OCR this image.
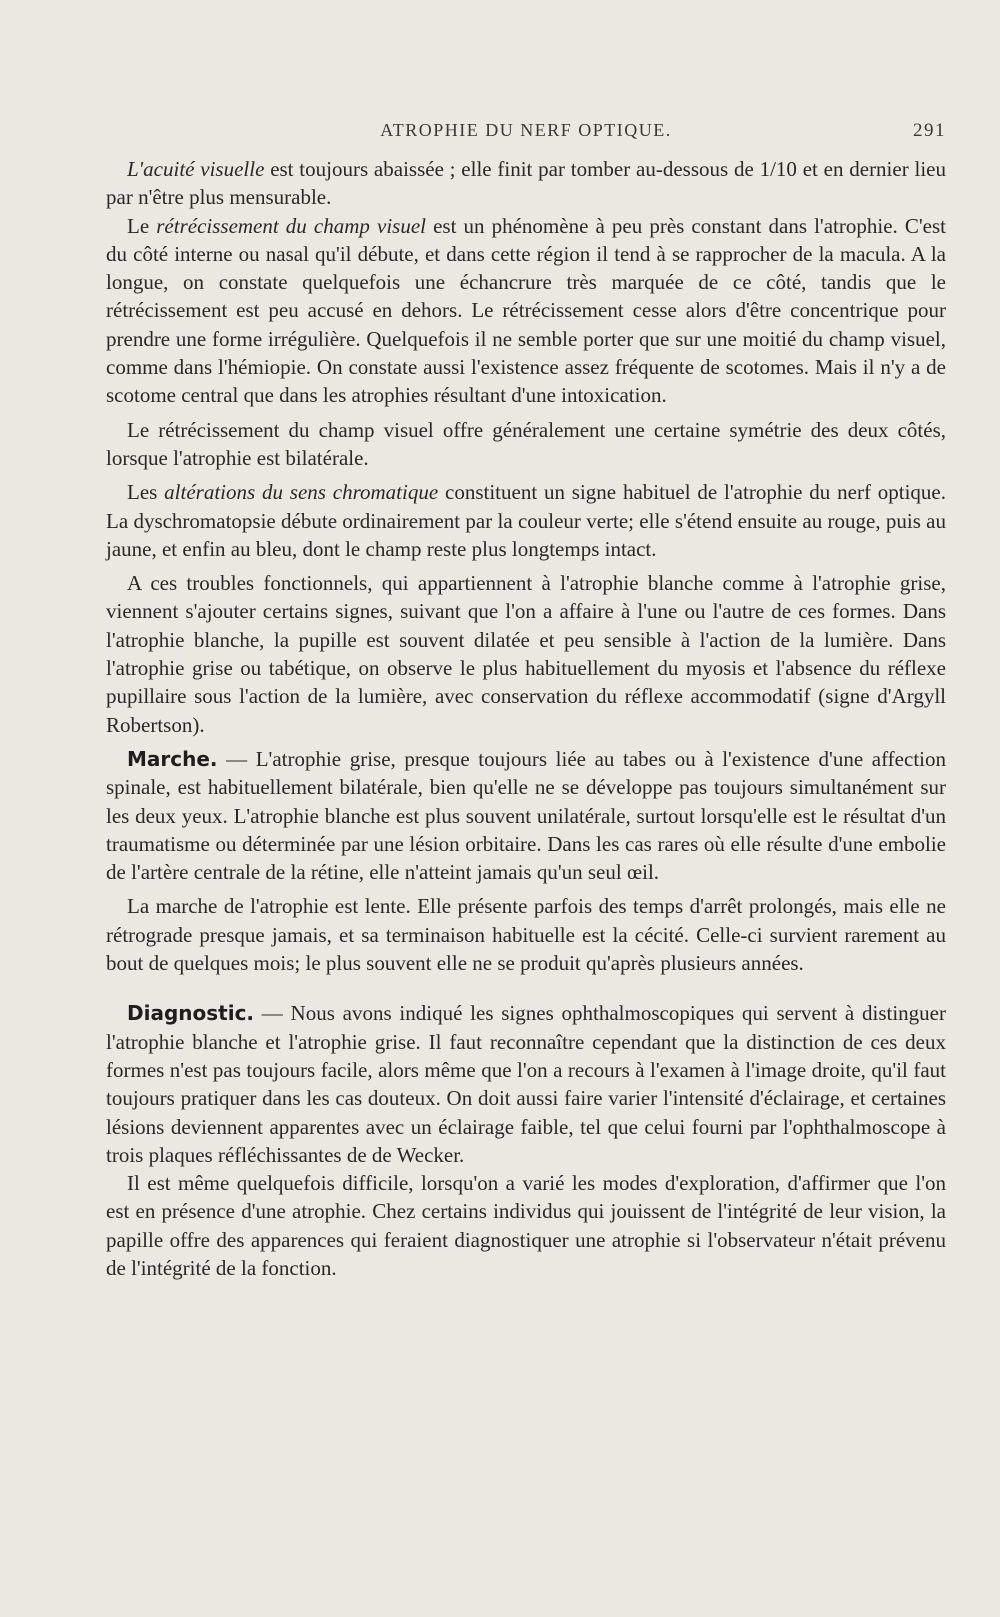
ATROPHIE DU NERF OPTIQUE.	291

L'acuité visuelle est toujours abaissée ; elle finit par tomber au-dessous de 1/10 et en dernier lieu par n'être plus mensurable.

Le rétrécissement du champ visuel est un phénomène à peu près constant dans l'atrophie. C'est du côté interne ou nasal qu'il débute, et dans cette région il tend à se rapprocher de la macula. A la longue, on constate quelquefois une échancrure très marquée de ce côté, tandis que le rétrécissement est peu accusé en dehors. Le rétrécissement cesse alors d'être concentrique pour prendre une forme irrégulière. Quelquefois il ne semble porter que sur une moitié du champ visuel, comme dans l'hémiopie. On constate aussi l'existence assez fréquente de scotomes. Mais il n'y a de scotome central que dans les atrophies résultant d'une intoxication.

Le rétrécissement du champ visuel offre généralement une certaine symétrie des deux côtés, lorsque l'atrophie est bilatérale.

Les altérations du sens chromatique constituent un signe habituel de l'atrophie du nerf optique. La dyschromatopsie débute ordinairement par la couleur verte; elle s'étend ensuite au rouge, puis au jaune, et enfin au bleu, dont le champ reste plus longtemps intact.

A ces troubles fonctionnels, qui appartiennent à l'atrophie blanche comme à l'atrophie grise, viennent s'ajouter certains signes, suivant que l'on a affaire à l'une ou l'autre de ces formes. Dans l'atrophie blanche, la pupille est souvent dilatée et peu sensible à l'action de la lumière. Dans l'atrophie grise ou tabétique, on observe le plus habituellement du myosis et l'absence du réflexe pupillaire sous l'action de la lumière, avec conservation du réflexe accommodatif (signe d'Argyll Robertson).

Marche. — L'atrophie grise, presque toujours liée au tabes ou à l'existence d'une affection spinale, est habituellement bilatérale, bien qu'elle ne se développe pas toujours simultanément sur les deux yeux. L'atrophie blanche est plus souvent unilatérale, surtout lorsqu'elle est le résultat d'un traumatisme ou déterminée par une lésion orbitaire. Dans les cas rares où elle résulte d'une embolie de l'artère centrale de la rétine, elle n'atteint jamais qu'un seul œil.

La marche de l'atrophie est lente. Elle présente parfois des temps d'arrêt prolongés, mais elle ne rétrograde presque jamais, et sa terminaison habituelle est la cécité. Celle-ci survient rarement au bout de quelques mois; le plus souvent elle ne se produit qu'après plusieurs années.

Diagnostic. — Nous avons indiqué les signes ophthalmoscopiques qui servent à distinguer l'atrophie blanche et l'atrophie grise. Il faut reconnaître cependant que la distinction de ces deux formes n'est pas toujours facile, alors même que l'on a recours à l'examen à l'image droite, qu'il faut toujours pratiquer dans les cas douteux. On doit aussi faire varier l'intensité d'éclairage, et certaines lésions deviennent apparentes avec un éclairage faible, tel que celui fourni par l'ophthalmoscope à trois plaques réfléchissantes de de Wecker.

Il est même quelquefois difficile, lorsqu'on a varié les modes d'exploration, d'affirmer que l'on est en présence d'une atrophie. Chez certains individus qui jouissent de l'intégrité de leur vision, la papille offre des apparences qui feraient diagnostiquer une atrophie si l'observateur n'était prévenu de l'intégrité de la fonction.
